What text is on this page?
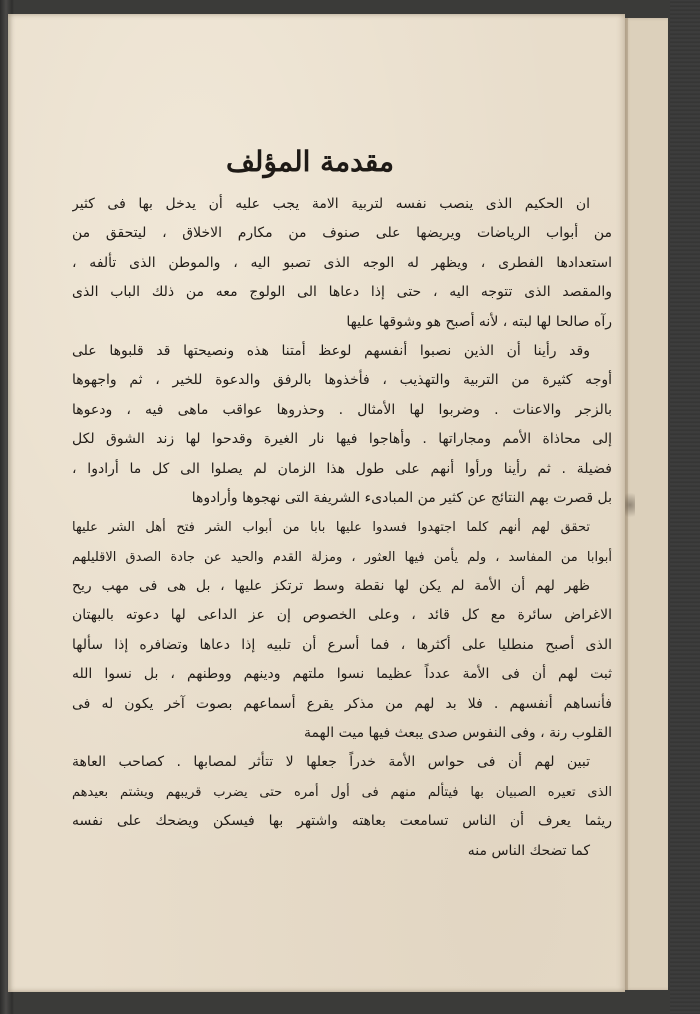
مقدمة المؤلف
ان الحكيم الذى ينصب نفسه لتربية الامة يجب عليه أن يدخل بها فى كثير
من أبواب الرياضات ويريضها على صنوف من مكارم الاخلاق ، ليتحقق من
استعدادها الفطرى ، ويظهر له الوجه الذى تصبو اليه ، والموطن الذى تألفه ،
والمقصد الذى تتوجه اليه ، حتى إذا دعاها الى الولوج معه من ذلك الباب الذى
رآه صالحا لها لبته ، لأنه أصبح هو وشوقها عليها
وقد رأينا أن الذين نصبوا أنفسهم لوعظ أمتنا هذه ونصيحتها قد قلبوها على
أوجه كثيرة من التربية والتهذيب ، فأخذوها بالرفق والدعوة للخير ، ثم واجهوها
بالزجر والاعنات . وضربوا لها الأمثال . وحذروها عواقب ماهى فيه ، ودعوها
إلى محاذاة الأمم ومجاراتها . وأهاجوا فيها نار الغيرة وقدحوا لها زند الشوق لكل
فضيلة . ثم رأينا ورأوا أنهم على طول هذا الزمان لم يصلوا الى كل ما أرادوا ،
بل قصرت بهم النتائج عن كثير من المبادىء الشريفة التى نهجوها وأرادوها
تحقق لهم أنهم كلما اجتهدوا فسدوا عليها بابا من أبواب الشر فتح أهل الشر عليها
أبوابا من المفاسد ، ولم يأمن فيها العثور ، ومزلة القدم والحيد عن جادة الصدق الاقليلهم
ظهر لهم أن الأمة لم يكن لها نقطة وسط ترتكز عليها ، بل هى فى مهب ريح
الاغراض سائرة مع كل قائد ، وعلى الخصوص إن عز الداعى لها دعوته بالبهتان
الذى أصبح منطليا على أكثرها ، فما أسرع أن تلبيه إذا دعاها وتضافره إذا سألها
ثبت لهم أن فى الأمة عدداً عظيما نسوا ملتهم ودينهم ووطنهم ، بل نسوا الله
فأنساهم أنفسهم . فلا بد لهم من مذكر يقرع أسماعهم بصوت آخر يكون له فى
القلوب رنة ، وفى النفوس صدى يبعث فيها ميت الهمة
تبين لهم أن فى حواس الأمة خدراً جعلها لا تتأثر لمصابها . كصاحب العاهة
الذى تعيره الصبيان بها فيتألم منهم فى أول أمره حتى يضرب قريبهم ويشتم بعيدهم
ريثما يعرف أن الناس تسامعت بعاهته واشتهر بها فيسكن ويضحك على نفسه
كما تضحك الناس منه
